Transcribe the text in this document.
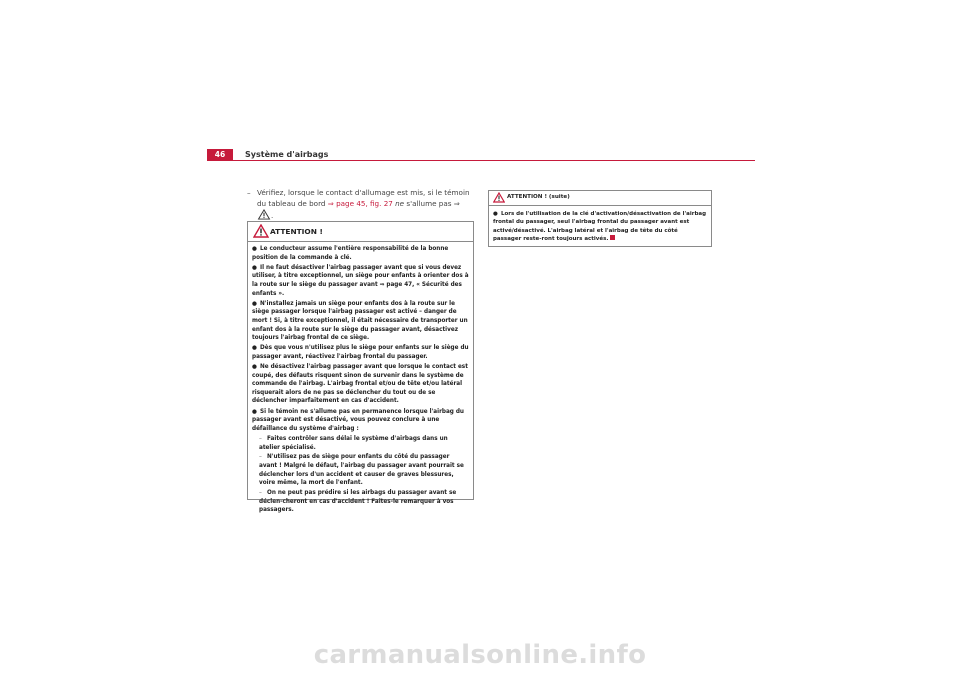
46	Système d'airbags
– Vérifiez, lorsque le contact d'allumage est mis, si le témoin du tableau de bord ⇒ page 45, fig. 27 ne s'allume pas ⇒ .
ATTENTION !

● Le conducteur assume l'entière responsabilité de la bonne position de la commande à clé.

● Il ne faut désactiver l'airbag passager avant que si vous devez utiliser, à titre exceptionnel, un siège pour enfants à orienter dos à la route sur le siège du passager avant ⇒ page 47, « Sécurité des enfants ».

● N'installez jamais un siège pour enfants dos à la route sur le siège passager lorsque l'airbag passager est activé – danger de mort ! Si, à titre exceptionnel, il était nécessaire de transporter un enfant dos à la route sur le siège du passager avant, désactivez toujours l'airbag frontal de ce siège.

● Dès que vous n'utilisez plus le siège pour enfants sur le siège du passager avant, réactivez l'airbag frontal du passager.

● Ne désactivez l'airbag passager avant que lorsque le contact est coupé, des défauts risquent sinon de survenir dans le système de commande de l'airbag. L'airbag frontal et/ou de tête et/ou latéral risquerait alors de ne pas se déclencher du tout ou de se déclencher imparfaitement en cas d'accident.

● Si le témoin ne s'allume pas en permanence lorsque l'airbag du passager avant est désactivé, vous pouvez conclure à une défaillance du système d'airbag :

– Faites contrôler sans délai le système d'airbags dans un atelier spécialisé.

– N'utilisez pas de siège pour enfants du côté du passager avant ! Malgré le défaut, l'airbag du passager avant pourrait se déclencher lors d'un accident et causer de graves blessures, voire même, la mort de l'enfant.

– On ne peut pas prédire si les airbags du passager avant se déclen-cheront en cas d'accident ! Faites-le remarquer à vos passagers.

ATTENTION ! (suite)

● Lors de l'utilisation de la clé d'activation/désactivation de l'airbag frontal du passager, seul l'airbag frontal du passager avant est activé/désactivé. L'airbag latéral et l'airbag de tête du côté passager reste-ront toujours activés.

carmanualsonline.info
